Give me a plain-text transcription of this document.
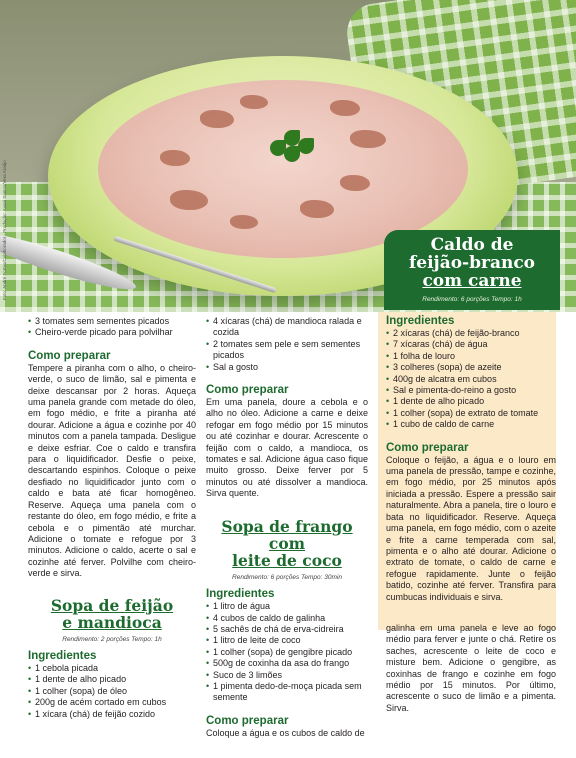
Foto: André Fortes/Colaborador - Produção: Avani Santos/Vera Araújo	Caldo de
feijão-branco
com carne
Rendimento: 6 porções Tempo: 1h
• 3 tomates sem sementes picados
• Cheiro-verde picado para polvilhar
Como preparar

Tempere a piranha com o alho, o cheiro-verde, o suco de limão, sal e pimenta e deixe descansar por 2 horas. Aqueça uma panela grande com metade do óleo, em fogo médio, e frite a piranha até dourar. Adicione a água e cozinhe por 40 minutos com a panela tampada. Desligue e deixe esfriar. Coe o caldo e transfira para o liquidificador. Desfie o peixe, descartando espinhos. Coloque o peixe desfiado no liquidificador junto com o caldo e bata até ficar homogêneo. Reserve. Aqueça uma panela com o restante do óleo, em fogo médio, e frite a cebola e o pimentão até murchar. Adicione o tomate e refogue por 3 minutos. Adicione o caldo, acerte o sal e cozinhe até ferver. Polvilhe com cheiro-verde e sirva.

Sopa de feijão
e mandioca
Rendimento: 2 porções Tempo: 1h
Ingredientes
• 1 cebola picada
• 1 dente de alho picado
• 1 colher (sopa) de óleo
• 200g de acém cortado em cubos
• 1 xícara (chá) de feijão cozido
• 4 xícaras (chá) de mandioca ralada e cozida
• 2 tomates sem pele e sem sementes picados
• Sal a gosto
Como preparar

Em uma panela, doure a cebola e o alho no óleo. Adicione a carne e deixe refogar em fogo médio por 15 minutos ou até cozinhar e dourar. Acrescente o feijão com o caldo, a mandioca, os tomates e sal. Adicione água caso fique muito grosso. Deixe ferver por 5 minutos ou até dissolver a mandioca. Sirva quente.

Sopa de frango com
leite de coco
Rendimento: 6 porções Tempo: 30min
Ingredientes
• 1 litro de água
• 4 cubos de caldo de galinha
• 5 sachês de chá de erva-cidreira
• 1 litro de leite de coco
• 1 colher (sopa) de gengibre picado
• 500g de coxinha da asa do frango
• Suco de 3 limões
• 1 pimenta dedo-de-moça picada sem semente
Como preparar

Coloque a água e os cubos de caldo de

Ingredientes
• 2 xícaras (chá) de feijão-branco
• 7 xícaras (chá) de água
• 1 folha de louro
• 3 colheres (sopa) de azeite
• 400g de alcatra em cubos
• Sal e pimenta-do-reino a gosto
• 1 dente de alho picado
• 1 colher (sopa) de extrato de tomate
• 1 cubo de caldo de carne
Como preparar

Coloque o feijão, a água e o louro em uma panela de pressão, tampe e cozinhe, em fogo médio, por 25 minutos após iniciada a pressão. Espere a pressão sair naturalmente. Abra a panela, tire o louro e bata no liquidificador. Reserve. Aqueça uma panela, em fogo médio, com o azeite e frite a carne temperada com sal, pimenta e o alho até dourar. Adicione o extrato de tomate, o caldo de carne e refogue rapidamente. Junte o feijão batido, cozinhe até ferver. Transfira para cumbucas individuais e sirva.

galinha em uma panela e leve ao fogo médio para ferver e junte o chá. Retire os saches, acrescente o leite de coco e misture bem. Adicione o gengibre, as coxinhas de frango e cozinhe em fogo médio por 15 minutos. Por último, acrescente o suco de limão e a pimenta. Sirva.
